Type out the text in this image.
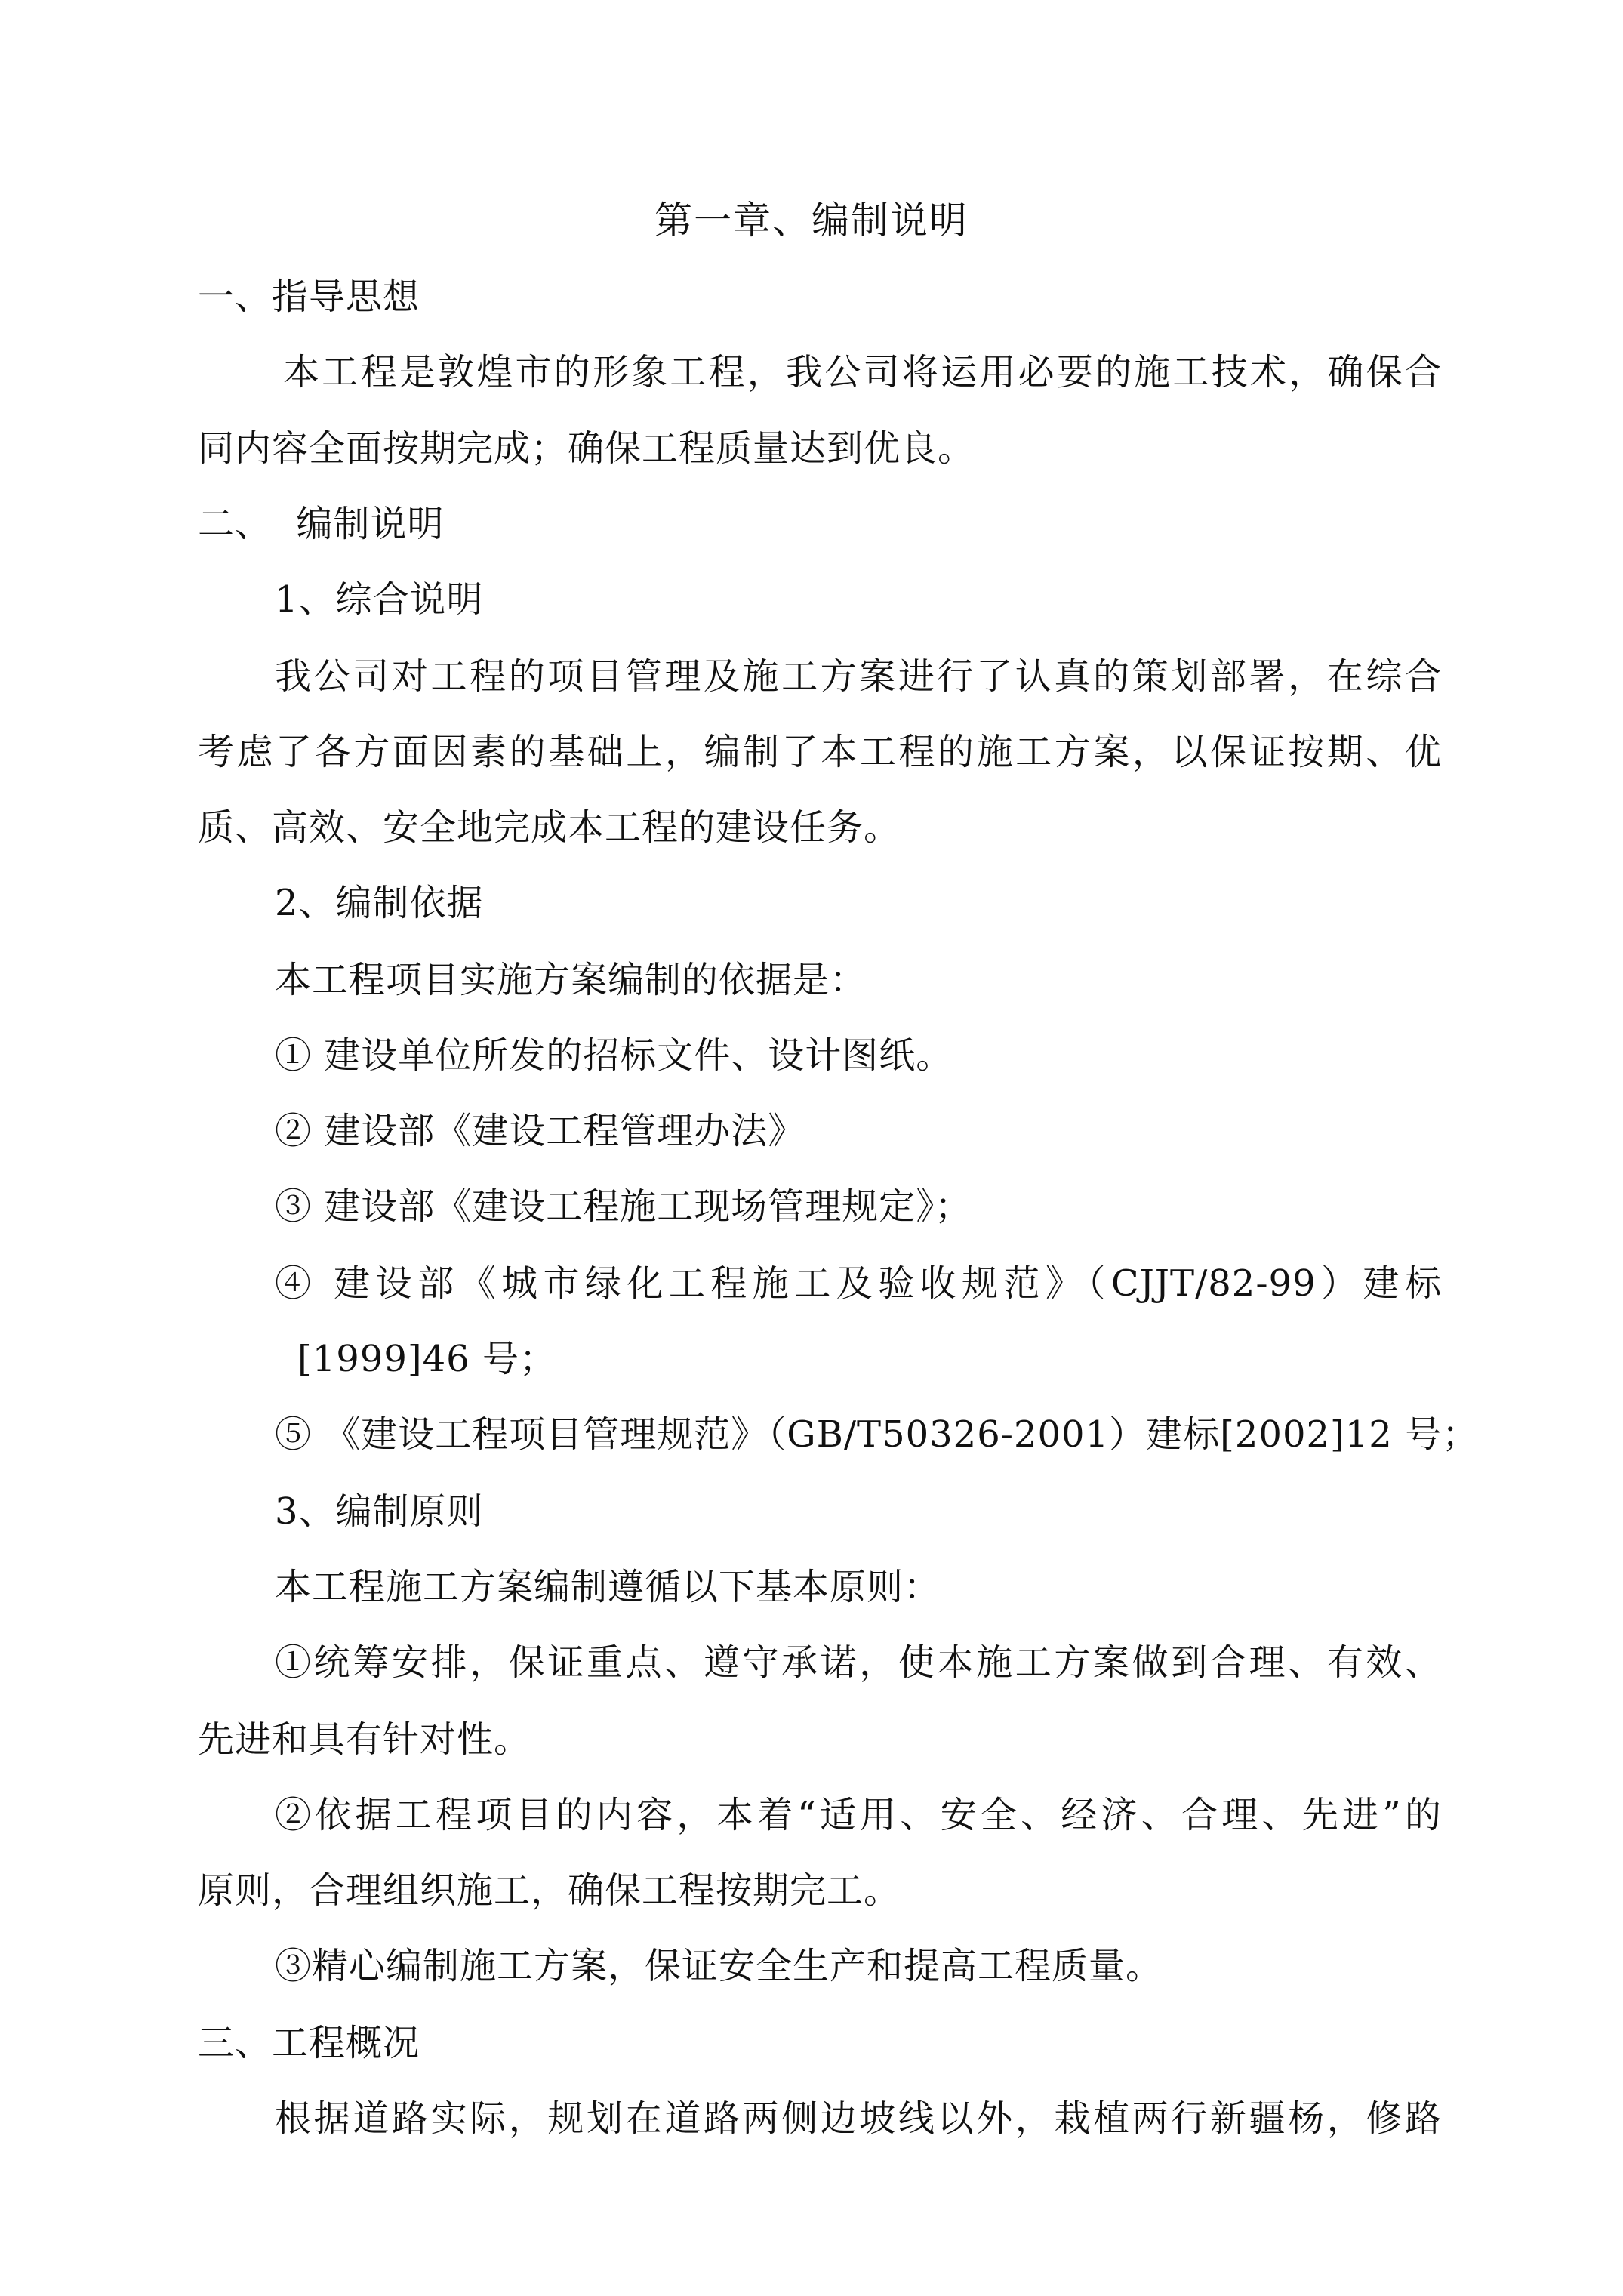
第一章、编制说明
一、指导思想
本工程是敦煌市的形象工程，我公司将运用必要的施工技术，确保合
同内容全面按期完成；确保工程质量达到优良。
二、  编制说明
1、综合说明
我公司对工程的项目管理及施工方案进行了认真的策划部署，在综合
考虑了各方面因素的基础上，编制了本工程的施工方案，以保证按期、优
质、高效、安全地完成本工程的建设任务。
2、编制依据
本工程项目实施方案编制的依据是：
① 建设单位所发的招标文件、设计图纸。
② 建设部《建设工程管理办法》
③ 建设部《建设工程施工现场管理规定》；
④ 建设部《城市绿化工程施工及验收规范》（CJJT/82-99）建标
[1999]46 号；
⑤ 《建设工程项目管理规范》（GB/T50326-2001）建标[2002]12 号；
3、编制原则
本工程施工方案编制遵循以下基本原则：
①统筹安排，保证重点、遵守承诺，使本施工方案做到合理、有效、
先进和具有针对性。
②依据工程项目的内容，本着“适用、安全、经济、合理、先进”的
原则，合理组织施工，确保工程按期完工。
③精心编制施工方案，保证安全生产和提高工程质量。
三、工程概况
根据道路实际，规划在道路两侧边坡线以外，栽植两行新疆杨，修路
